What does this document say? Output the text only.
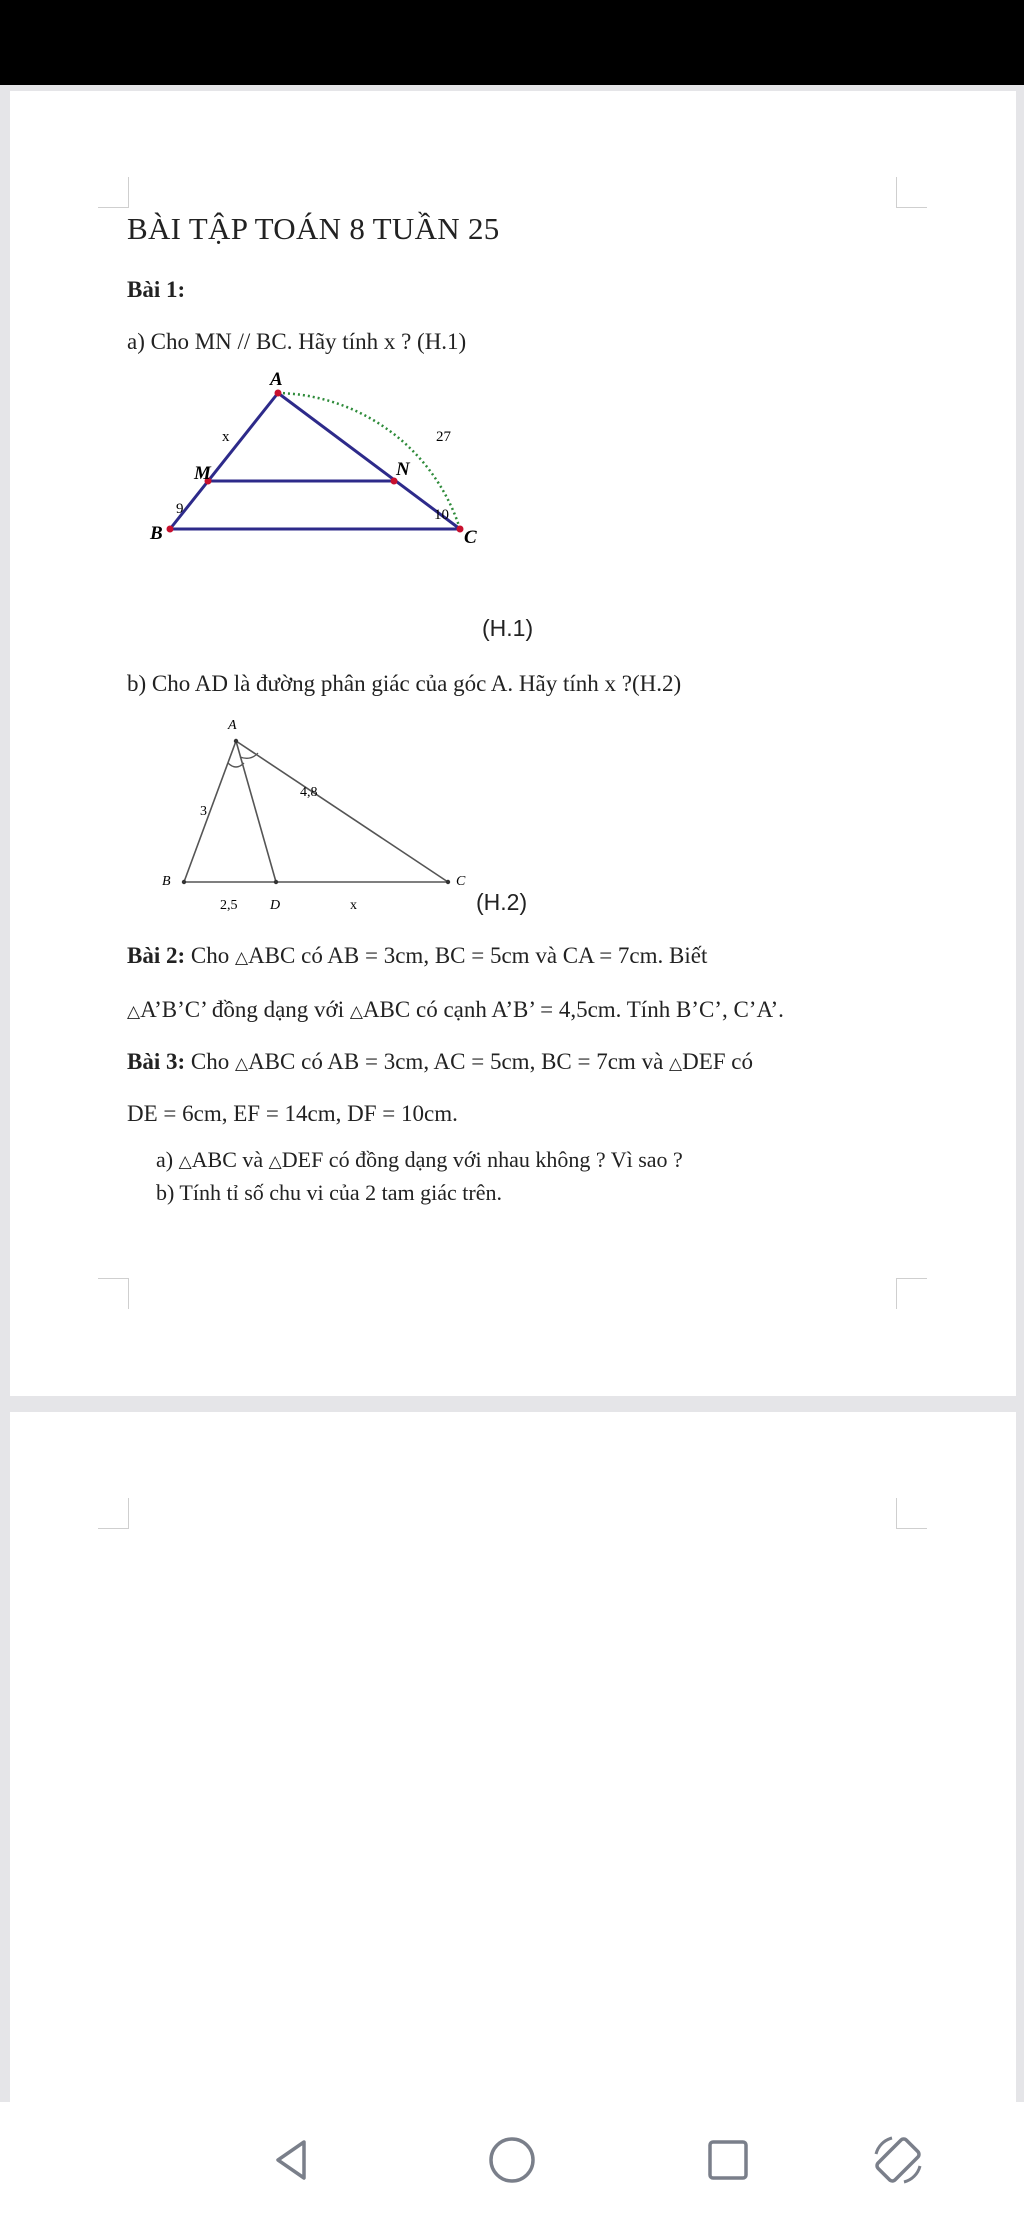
BÀI TẬP TOÁN 8 TUẦN 25
Bài 1:
a) Cho MN // BC. Hãy tính x ? (H.1)
A
M	N
B	C
x
9	10
27
(H.1)
b) Cho AD là đường phân giác của góc A. Hãy tính x ?(H.2)
A
B
D
C
3
4,8
2,5	x	(H.2)
Bài 2: Cho △ABC có AB = 3cm, BC = 5cm và CA = 7cm. Biết
△A’B’C’ đồng dạng với △ABC có cạnh A’B’ = 4,5cm. Tính B’C’, C’A’.
Bài 3: Cho △ABC có AB = 3cm, AC = 5cm, BC = 7cm và △DEF có
DE = 6cm, EF = 14cm, DF = 10cm.
a) △ABC và △DEF có đồng dạng với nhau không ? Vì sao ?
b) Tính tỉ số chu vi của 2 tam giác trên.
